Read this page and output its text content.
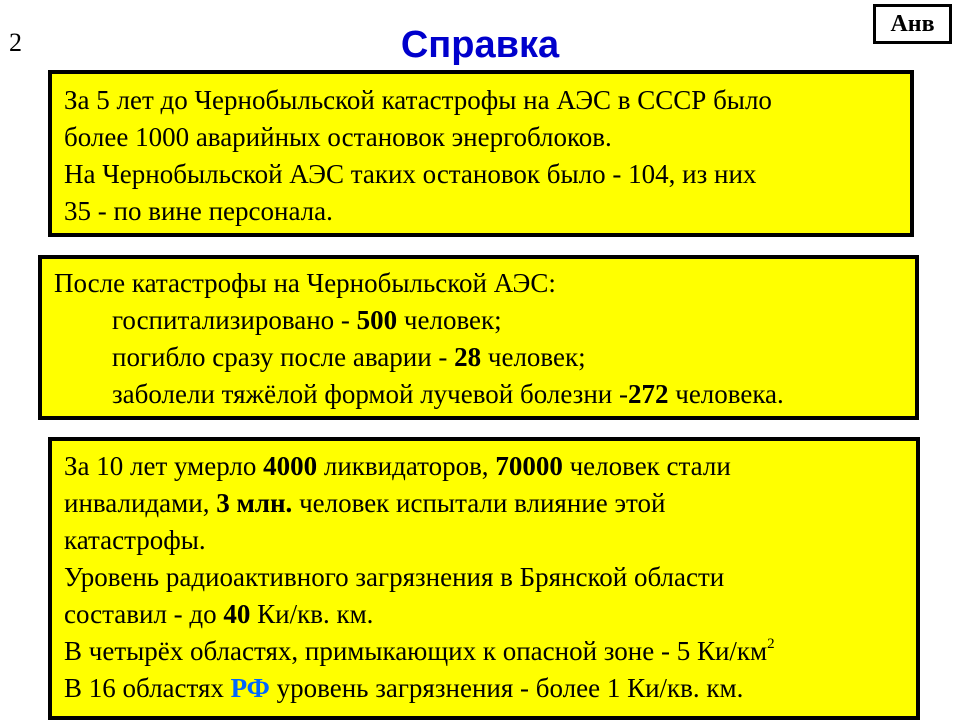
2	Справка
Анв
За 5 лет до Чернобыльской катастрофы на АЭС в СССР было
более 1000 аварийных остановок энергоблоков.
На Чернобыльской АЭС таких остановок было - 104, из них
35 - по вине персонала.
После катастрофы на Чернобыльской АЭС:
госпитализировано - 500 человек;
погибло сразу после аварии - 28 человек;
заболели тяжёлой формой лучевой болезни -272 человека.
За 10 лет умерло 4000 ликвидаторов, 70000 человек стали
инвалидами, 3 млн. человек испытали влияние этой
катастрофы.
Уровень радиоактивного загрязнения в Брянской области
составил - до 40 Ки/кв. км.
В четырёх областях, примыкающих к опасной зоне - 5 $Ки/км^2$
В 16 областях РФ уровень загрязнения - более 1 Ки/кв. км.
